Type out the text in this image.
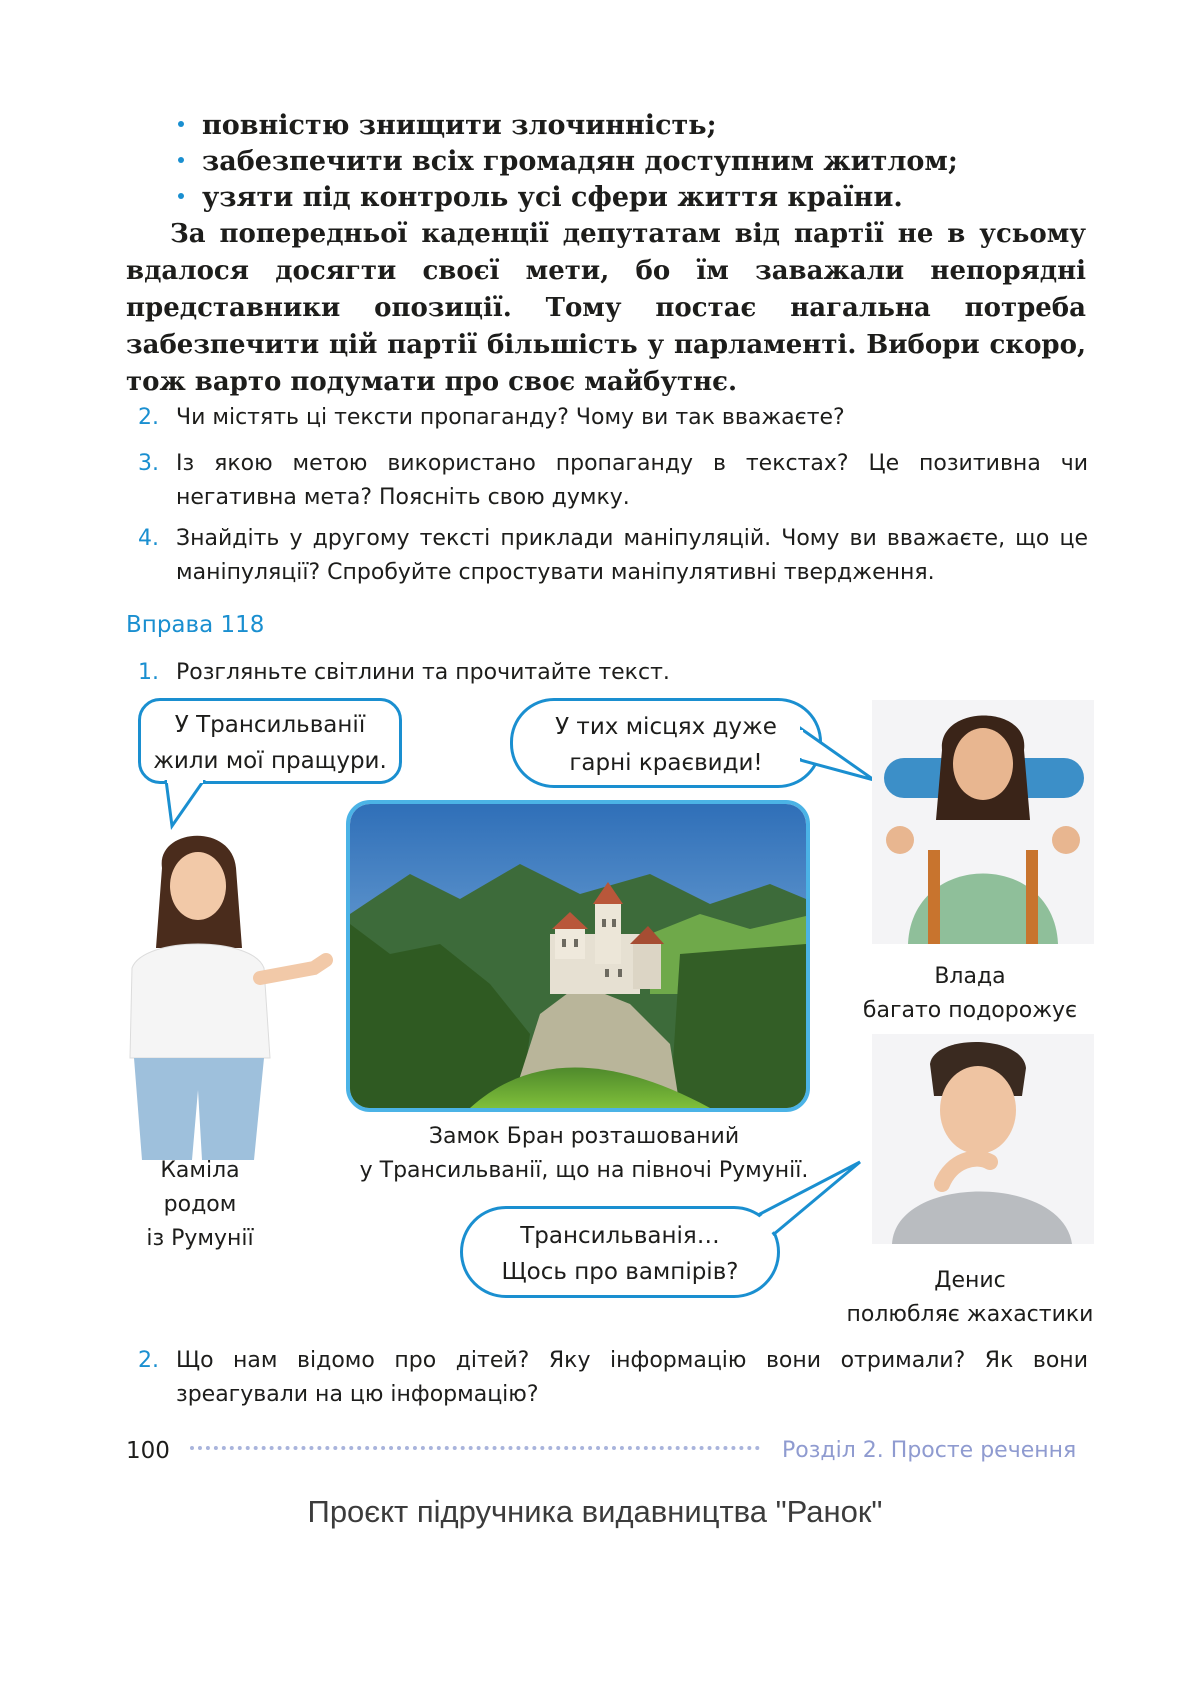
повністю знищити злочинність;
забезпечити всіх громадян доступним житлом;
узяти під контроль усі сфери життя країни.
За попередньої каденції депутатам від партії не в усьому вдалося досягти своєї мети, бо їм заважали непорядні представники опозиції. Тому постає нагальна потреба забезпечити цій партії більшість у парламенті. Вибори скоро, тож варто подумати про своє майбутнє.
2. Чи містять ці тексти пропаганду? Чому ви так вважаєте?
3. Із якою метою використано пропаганду в текстах? Це позитивна чи негативна мета? Поясніть свою думку.
4. Знайдіть у другому тексті приклади маніпуляцій. Чому ви вважаєте, що це маніпуляції? Спробуйте спростувати маніпулятивні твердження.
Вправа 118
1. Розгляньте світлини та прочитайте текст.
У Трансильванії
жили мої пращури.
У тих місцях дуже
гарні краєвиди!
Замок Бран розташований
у Трансильванії, що на півночі Румунії.
Каміла
родом
із Румунії
Влада
багато подорожує
Денис
полюбляє жахастики
Трансильванія…
Щось про вампірів?
2. Що нам відомо про дітей? Яку інформацію вони отримали? Як вони зреагували на цю інформацію?
100	Розділ 2. Просте речення
Проєкт підручника видавництва "Ранок"
